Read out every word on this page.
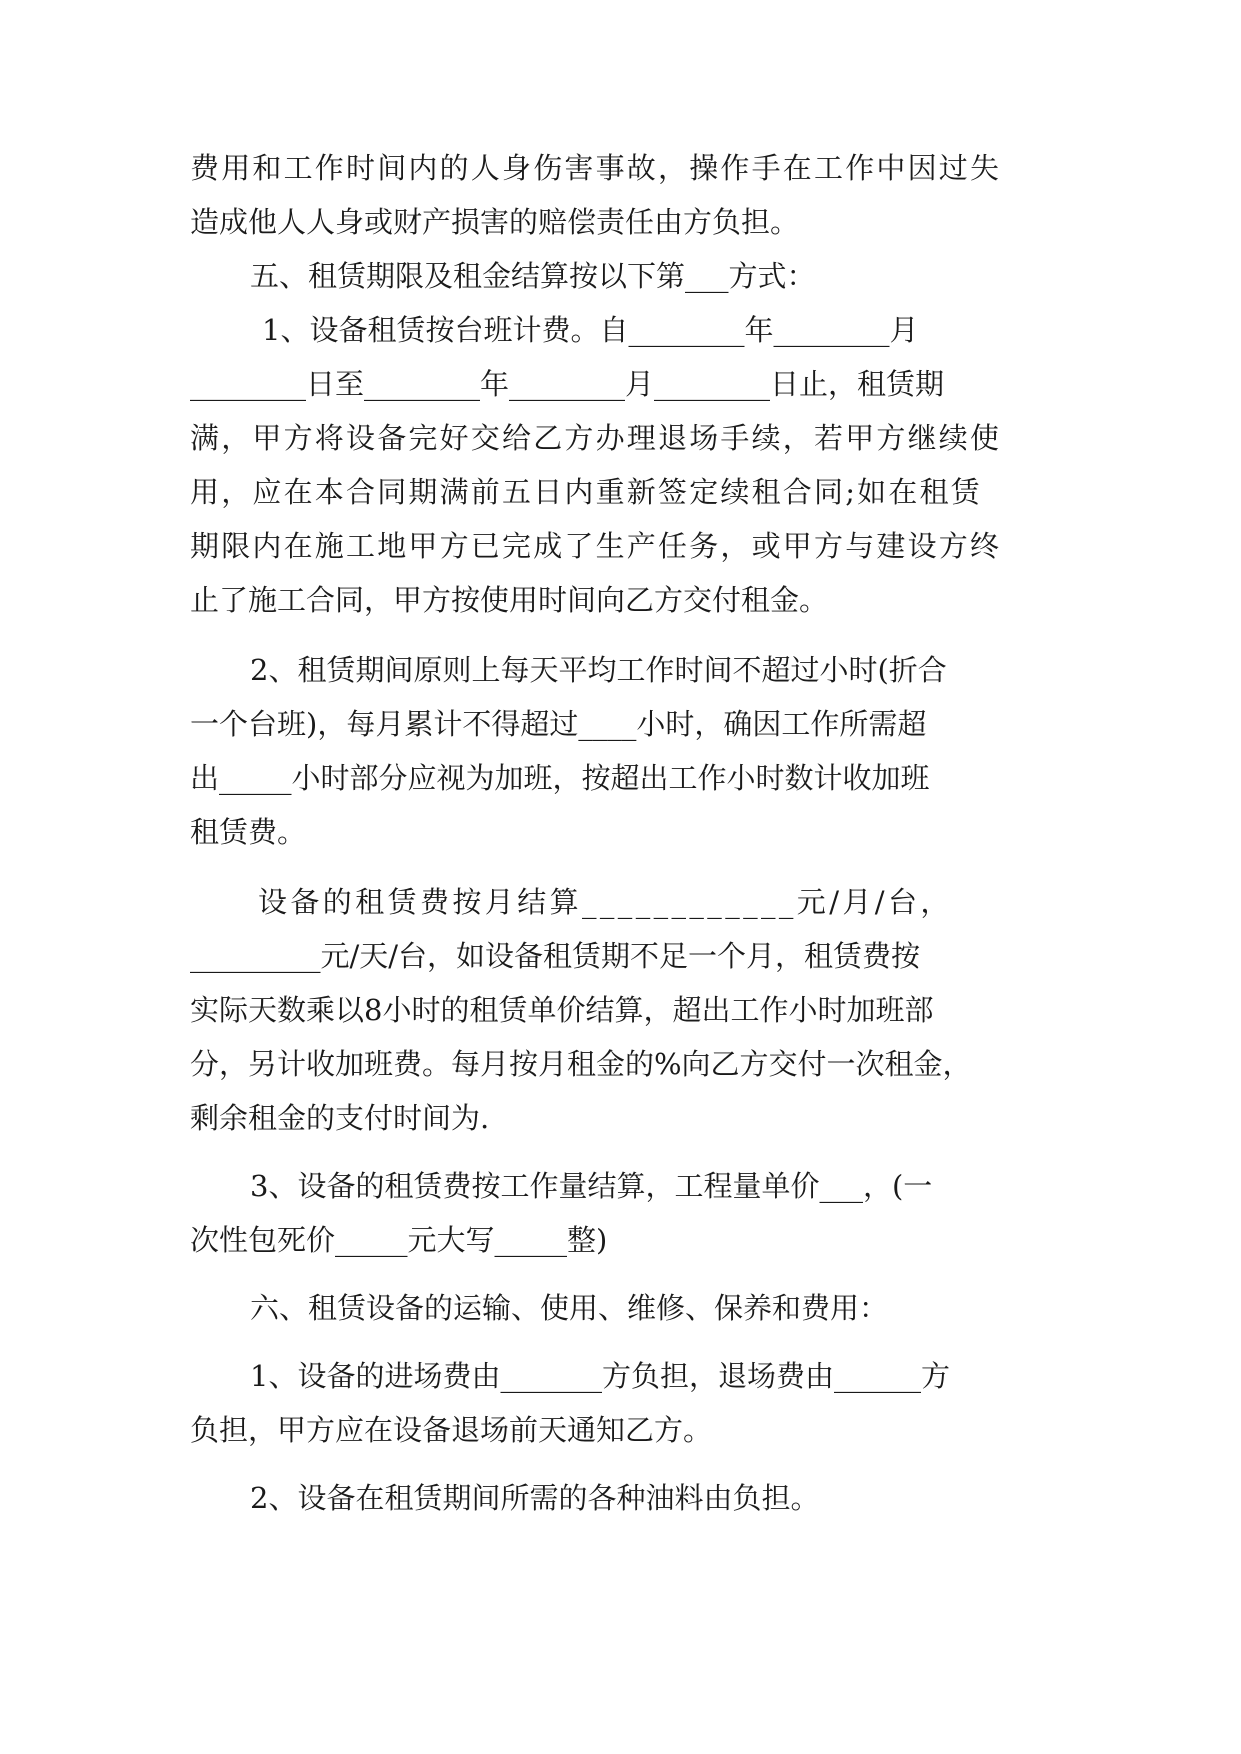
费用和工作时间内的人身伤害事故，操作手在工作中因过失
造成他人人身或财产损害的赔偿责任由方负担。
五、租赁期限及租金结算按以下第___方式：
1、设备租赁按台班计费。自________年________月
________日至________年________月________日止，租赁期
满，甲方将设备完好交给乙方办理退场手续，若甲方继续使
用，应在本合同期满前五日内重新签定续租合同;如在租赁
期限内在施工地甲方已完成了生产任务，或甲方与建设方终
止了施工合同，甲方按使用时间向乙方交付租金。
2、租赁期间原则上每天平均工作时间不超过小时(折合
一个台班)，每月累计不得超过____小时，确因工作所需超
出_____小时部分应视为加班，按超出工作小时数计收加班
租赁费。
设备的租赁费按月结算____________元/月/台，
_________元/天/台，如设备租赁期不足一个月，租赁费按
实际天数乘以8小时的租赁单价结算，超出工作小时加班部
分，另计收加班费。每月按月租金的%向乙方交付一次租金，
剩余租金的支付时间为.
3、设备的租赁费按工作量结算，工程量单价___，(一
次性包死价_____元大写_____整)
六、租赁设备的运输、使用、维修、保养和费用：
1、设备的进场费由_______方负担，退场费由______方
负担，甲方应在设备退场前天通知乙方。
2、设备在租赁期间所需的各种油料由负担。
